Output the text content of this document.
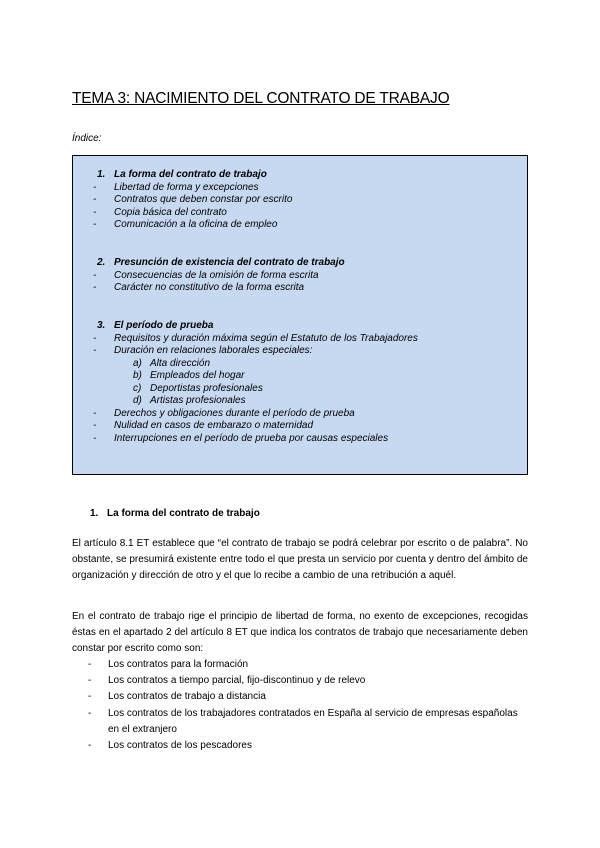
TEMA 3: NACIMIENTO DEL CONTRATO DE TRABAJO
Índice:
1. La forma del contrato de trabajo
- Libertad de forma y excepciones
- Contratos que deben constar por escrito
- Copia básica del contrato
- Comunicación a la oficina de empleo
2. Presunción de existencia del contrato de trabajo
- Consecuencias de la omisión de forma escrita
- Carácter no constitutivo de la forma escrita
3. El período de prueba
- Requisitos y duración máxima según el Estatuto de los Trabajadores
- Duración en relaciones laborales especiales:
a) Alta dirección
b) Empleados del hogar
c) Deportistas profesionales
d) Artistas profesionales
- Derechos y obligaciones durante el período de prueba
- Nulidad en casos de embarazo o maternidad
- Interrupciones en el período de prueba por causas especiales
1. La forma del contrato de trabajo

El artículo 8.1 ET establece que “el contrato de trabajo se podrá celebrar por escrito o de palabra”. No obstante, se presumirá existente entre todo el que presta un servicio por cuenta y dentro del ámbito de organización y dirección de otro y el que lo recibe a cambio de una retribución a aquél.

En el contrato de trabajo rige el principio de libertad de forma, no exento de excepciones, recogidas éstas en el apartado 2 del artículo 8 ET que indica los contratos de trabajo que necesariamente deben constar por escrito como son:

- Los contratos para la formación
- Los contratos a tiempo parcial, fijo-discontinuo y de relevo
- Los contratos de trabajo a distancia
- Los contratos de los trabajadores contratados en España al servicio de empresas españolas en el extranjero
- Los contratos de los pescadores
